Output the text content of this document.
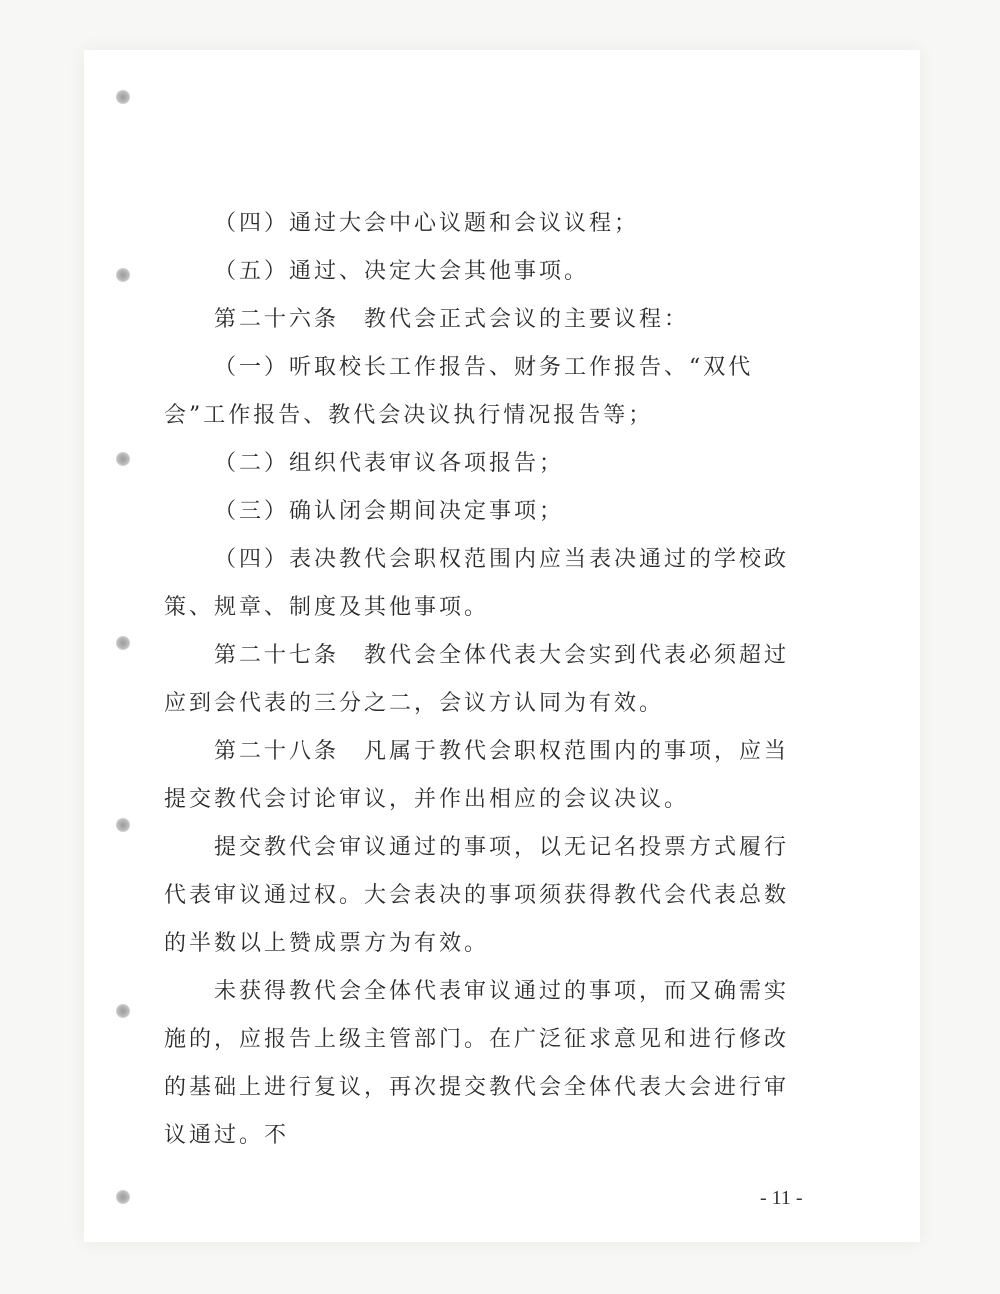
（四）通过大会中心议题和会议议程；

（五）通过、决定大会其他事项。

第二十六条　教代会正式会议的主要议程：

（一）听取校长工作报告、财务工作报告、“双代会”工作报告、教代会决议执行情况报告等；

（二）组织代表审议各项报告；

（三）确认闭会期间决定事项；

（四）表决教代会职权范围内应当表决通过的学校政策、规章、制度及其他事项。

第二十七条　教代会全体代表大会实到代表必须超过应到会代表的三分之二，会议方认同为有效。

第二十八条　凡属于教代会职权范围内的事项，应当提交教代会讨论审议，并作出相应的会议决议。

提交教代会审议通过的事项，以无记名投票方式履行代表审议通过权。大会表决的事项须获得教代会代表总数的半数以上赞成票方为有效。

未获得教代会全体代表审议通过的事项，而又确需实施的，应报告上级主管部门。在广泛征求意见和进行修改的基础上进行复议，再次提交教代会全体代表大会进行审议通过。不

- 11 -
